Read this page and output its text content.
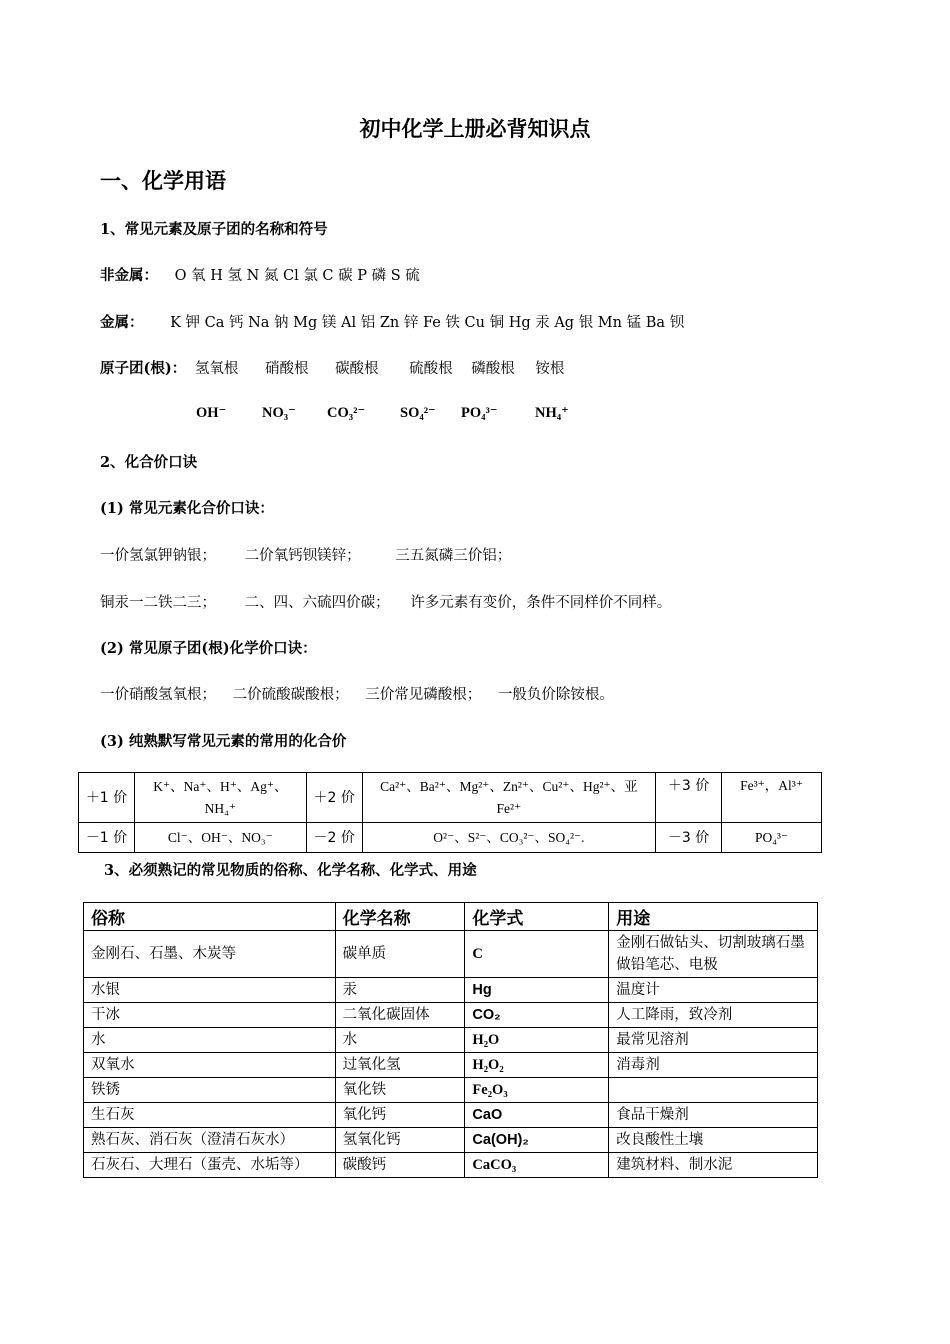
初中化学上册必背知识点
一、化学用语
1、常见元素及原子团的名称和符号
非金属： O 氧 H 氢 N 氮 Cl 氯 C 碳 P 磷 S 硫
金属： K 钾 Ca 钙 Na 钠 Mg 镁 Al 铝 Zn 锌 Fe 铁 Cu 铜 Hg 汞 Ag 银 Mn 锰 Ba 钡
原子团(根)： 氢氧根 硝酸根 碳酸根 硫酸根 磷酸根 铵根
OH⁻ NO₃⁻ CO₃²⁻ SO₄²⁻ PO₄³⁻	NH₄⁺
2、化合价口诀
(1) 常见元素化合价口诀：
一价氢氯钾钠银； 二价氧钙钡镁锌； 三五氮磷三价铝；
铜汞一二铁二三； 二、四、六硫四价碳； 许多元素有变价，条件不同样价不同样。
(2) 常见原子团(根)化学价口诀：
一价硝酸氢氧根； 二价硫酸碳酸根； 三价常见磷酸根； 一般负价除铵根。
(3) 纯熟默写常见元素的常用的化合价
＋1 价	K⁺、Na⁺、H⁺、Ag⁺、NH₄⁺	＋2 价	Ca²⁺、Ba²⁺、Mg²⁺、Zn²⁺、Cu²⁺、Hg²⁺、亚 Fe²⁺	＋3 价	Fe³⁺，Al³⁺
－1 价	Cl⁻、OH⁻、NO₃⁻	－2 价	O²⁻、S²⁻、CO₃²⁻、SO₄²⁻.	－3 价	PO₄³⁻
3、必须熟记的常见物质的俗称、化学名称、化学式、用途
俗称	化学名称	化学式	用途
金刚石、石墨、木炭等	碳单质	C	金刚石做钻头、切割玻璃石墨做铅笔芯、电极
水银	汞	Hg	温度计
干冰	二氧化碳固体	CO₂	人工降雨，致冷剂
水	水	H₂O	最常见溶剂
双氧水	过氧化氢	H₂O₂	消毒剂
铁锈	氧化铁	Fe₂O₃	
生石灰	氧化钙	CaO	食品干燥剂
熟石灰、消石灰（澄清石灰水）	氢氧化钙	Ca(OH)₂	改良酸性土壤
石灰石、大理石（蛋壳、水垢等）	碳酸钙	CaCO₃	建筑材料、制水泥
